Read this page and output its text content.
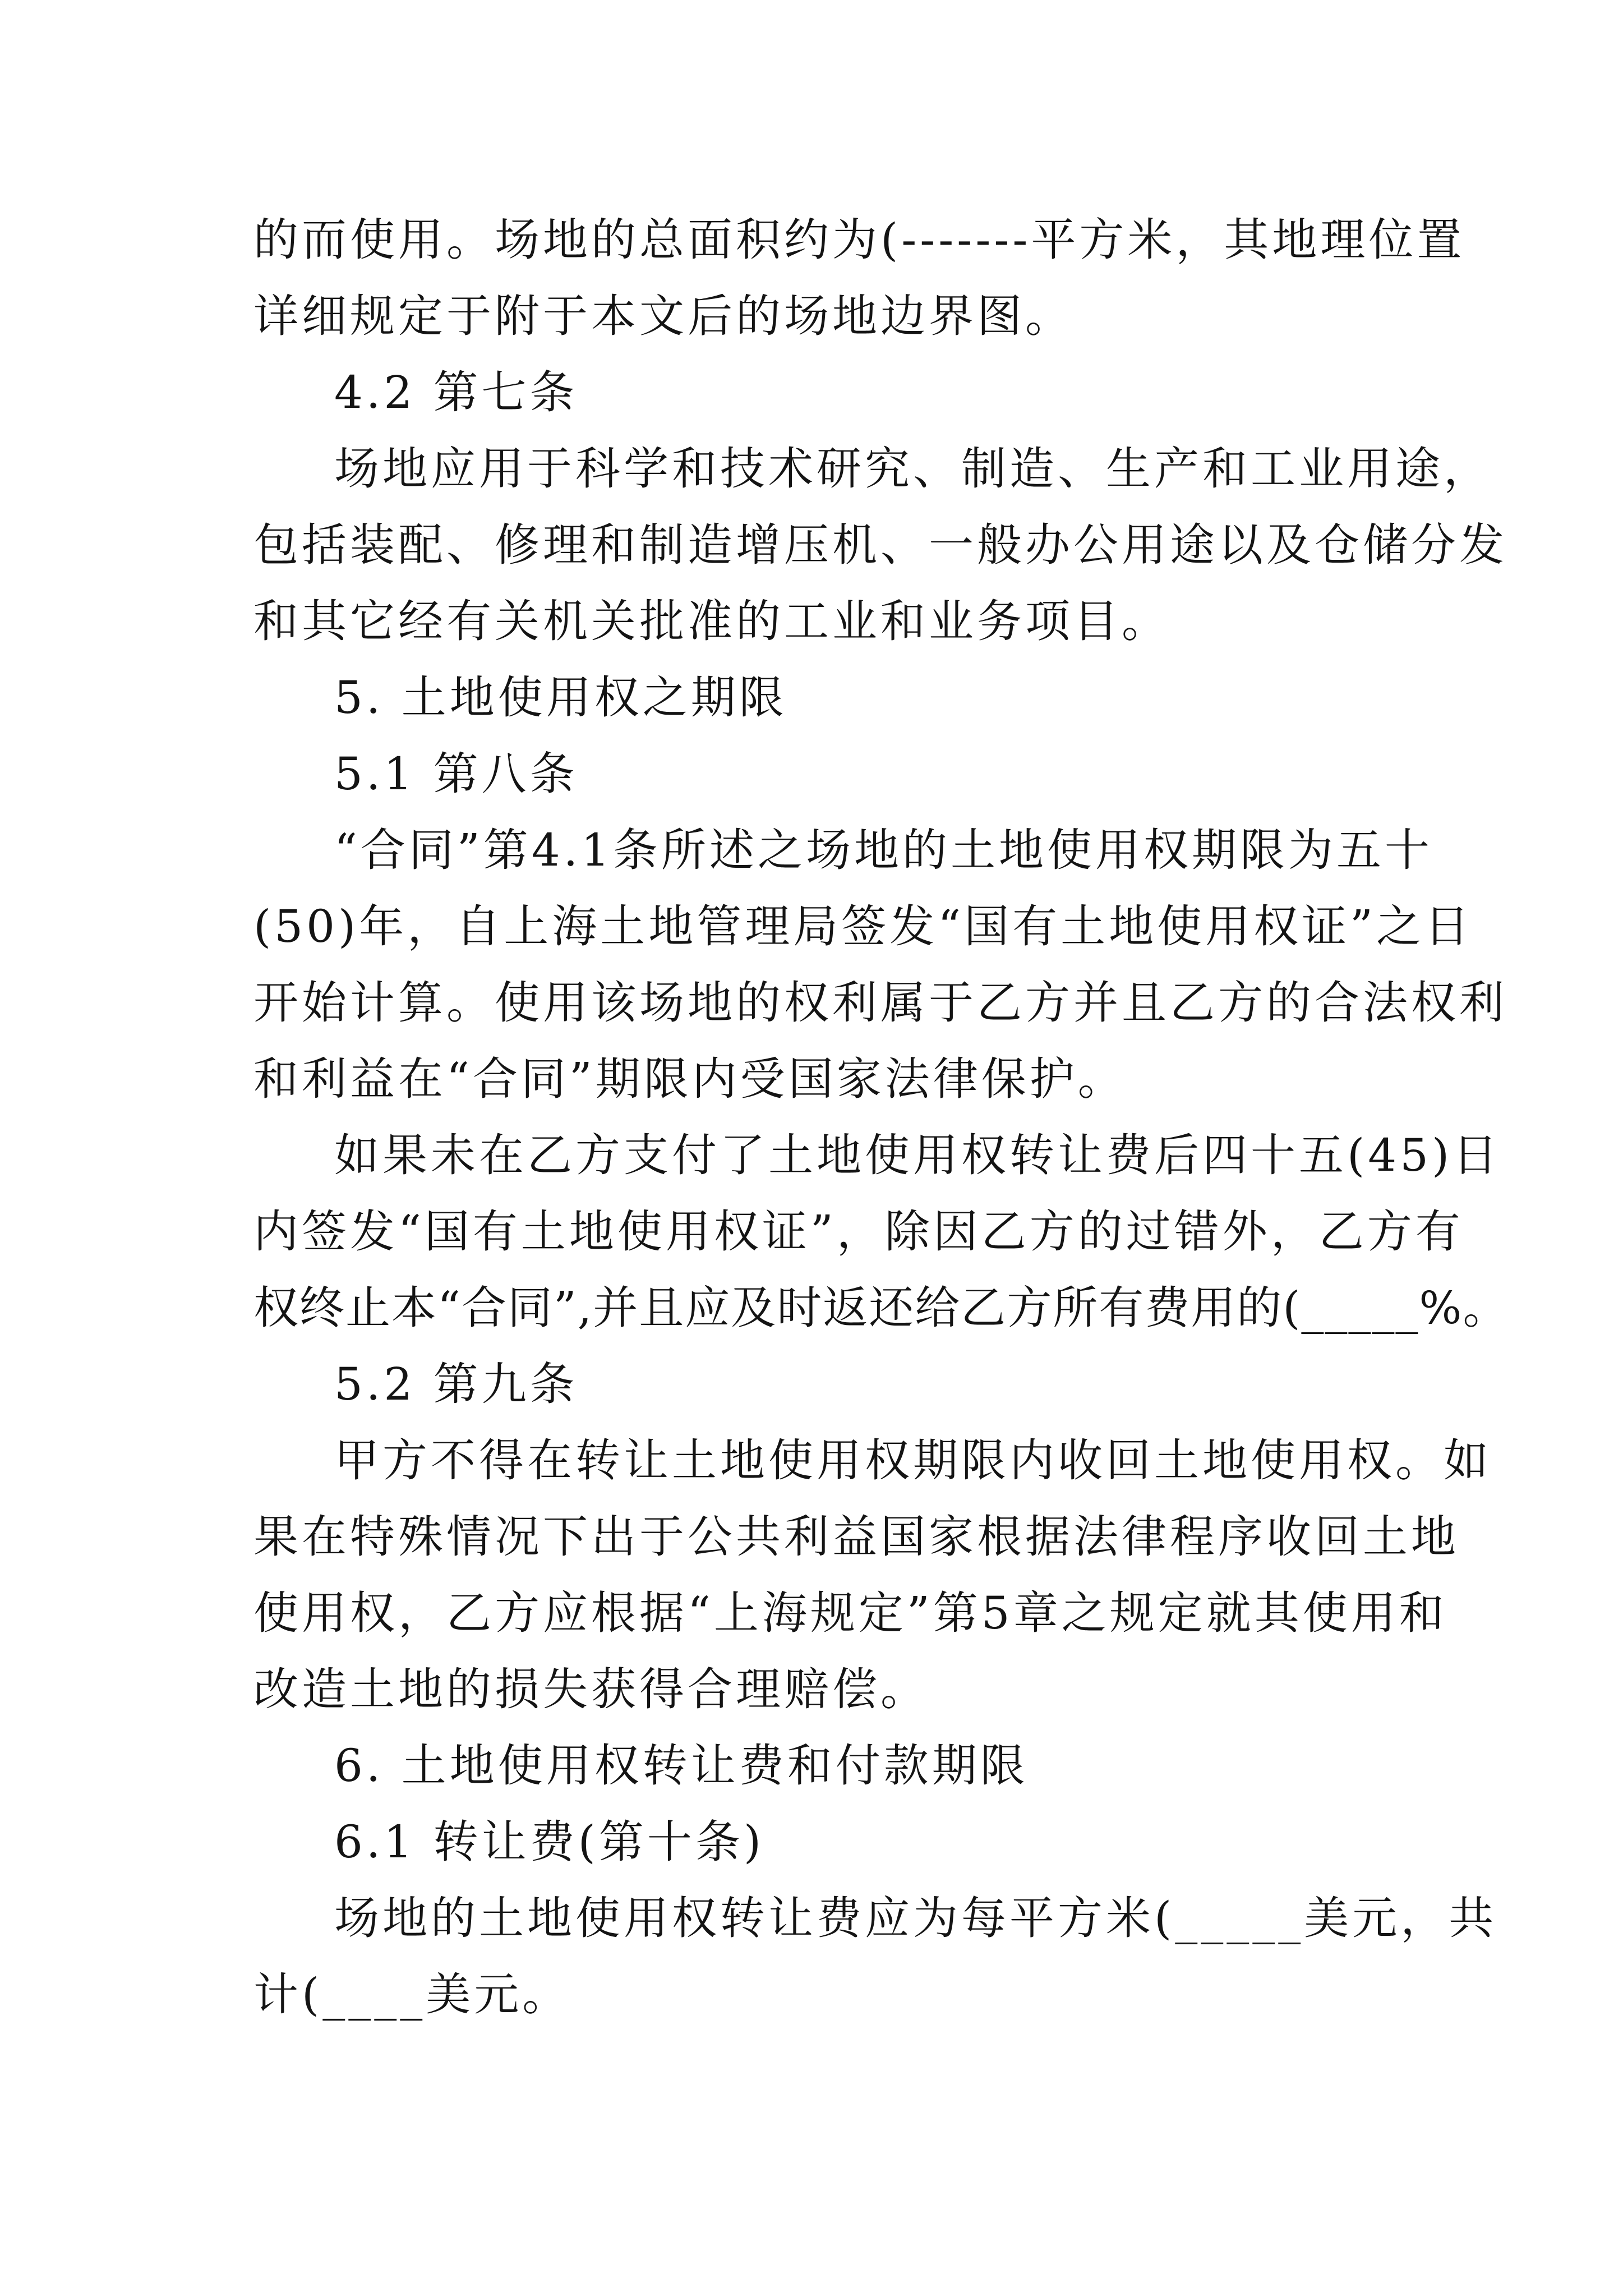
的而使用。场地的总面积约为(-------平方米，其地理位置
详细规定于附于本文后的场地边界图。
4.2 第七条
场地应用于科学和技术研究、制造、生产和工业用途，
包括装配、修理和制造增压机、一般办公用途以及仓储分发
和其它经有关机关批准的工业和业务项目。
5. 土地使用权之期限
5.1 第八条
“合同”第4.1条所述之场地的土地使用权期限为五十
(50)年，自上海土地管理局签发“国有土地使用权证”之日
开始计算。使用该场地的权利属于乙方并且乙方的合法权利
和利益在“合同”期限内受国家法律保护。
如果未在乙方支付了土地使用权转让费后四十五(45)日
内签发“国有土地使用权证”，除因乙方的过错外，乙方有
权终止本“合同”,并且应及时返还给乙方所有费用的(_____%。
5.2 第九条
甲方不得在转让土地使用权期限内收回土地使用权。如
果在特殊情况下出于公共利益国家根据法律程序收回土地
使用权，乙方应根据“上海规定”第5章之规定就其使用和
改造土地的损失获得合理赔偿。
6. 土地使用权转让费和付款期限
6.1 转让费(第十条)
场地的土地使用权转让费应为每平方米(_____美元，共
计(____美元。
